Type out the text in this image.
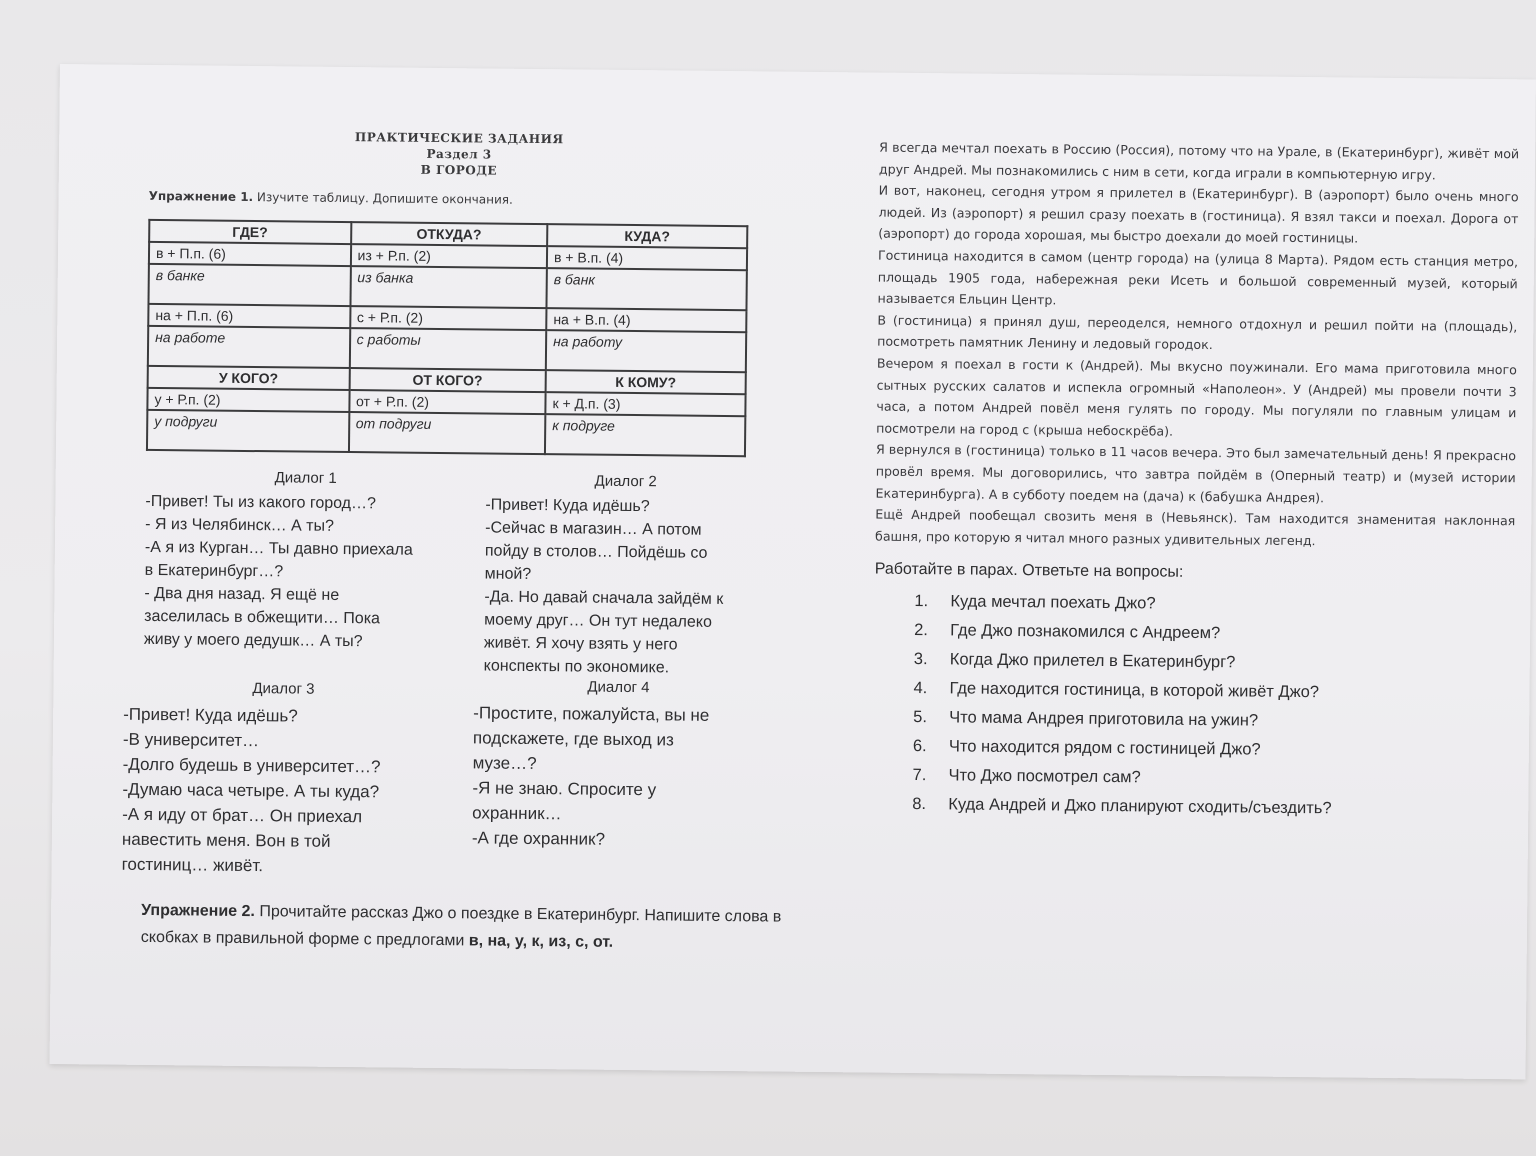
ПРАКТИЧЕСКИЕ ЗАДАНИЯ
Раздел 3
В ГОРОДЕ
Упражнение 1. Изучите таблицу. Допишите окончания.
ГДЕ?	ОТКУДА?	КУДА?
в + П.п. (6)	из + Р.п. (2)	в + В.п. (4)
в банке	из банка	в банк
на + П.п. (6)	с + Р.п. (2)	на + В.п. (4)
на работе	с работы	на работу
У КОГО?	ОТ КОГО?	К КОМУ?
у + Р.п. (2)	от + Р.п. (2)	к + Д.п. (3)
у подруги	от подруги	к подруге
Диалог 1
-Привет! Ты из какого город…?
- Я из Челябинск… А ты?
-А я из Курган… Ты давно приехала
в Екатеринбург…?
- Два дня назад. Я ещё не
заселилась в обжещити… Пока
живу у моего дедушк… А ты?
Диалог 2
-Привет! Куда идёшь?
-Сейчас в магазин… А потом
пойду в столов… Пойдёшь со
мной?
-Да. Но давай сначала зайдём к
моему друг… Он тут недалеко
живёт. Я хочу взять у него
конспекты по экономике.
Диалог 3
-Привет! Куда идёшь?
-В университет…
-Долго будешь в университет…?
-Думаю часа четыре. А ты куда?
-А я иду от брат… Он приехал
навестить меня. Вон в той
гостиниц… живёт.
Диалог 4
-Простите, пожалуйста, вы не
подскажете, где выход из
музе…?
-Я не знаю. Спросите у
охранник…
-А где охранник?
Упражнение 2. Прочитайте рассказ Джо о поездке в Екатеринбург. Напишите слова в скобках в правильной форме с предлогами в, на, у, к, из, с, от.

Я всегда мечтал поехать в Россию (Россия), потому что на Урале, в (Екатеринбург), живёт мой друг Андрей. Мы познакомились с ним в сети, когда играли в компьютерную игру.

И вот, наконец, сегодня утром я прилетел в (Екатеринбург). В (аэропорт) было очень много людей. Из (аэропорт) я решил сразу поехать в (гостиница). Я взял такси и поехал. Дорога от (аэропорт) до города хорошая, мы быстро доехали до моей гостиницы.

Гостиница находится в самом (центр города) на (улица 8 Марта). Рядом есть станция метро, площадь 1905 года, набережная реки Исеть и большой современный музей, который называется Ельцин Центр.

В (гостиница) я принял душ, переоделся, немного отдохнул и решил пойти на (площадь), посмотреть памятник Ленину и ледовый городок.

Вечером я поехал в гости к (Андрей). Мы вкусно поужинали. Его мама приготовила много сытных русских салатов и испекла огромный «Наполеон». У (Андрей) мы провели почти 3 часа, а потом Андрей повёл меня гулять по городу. Мы погуляли по главным улицам и посмотрели на город с (крыша небоскрёба).

Я вернулся в (гостиница) только в 11 часов вечера. Это был замечательный день! Я прекрасно провёл время. Мы договорились, что завтра пойдём в (Оперный театр) и (музей истории Екатеринбурга). А в субботу поедем на (дача) к (бабушка Андрея).

Ещё Андрей пообещал свозить меня в (Невьянск). Там находится знаменитая наклонная башня, про которую я читал много разных удивительных легенд.

Работайте в парах. Ответьте на вопросы:
1. Куда мечтал поехать Джо?
2. Где Джо познакомился с Андреем?
3. Когда Джо прилетел в Екатеринбург?
4. Где находится гостиница, в которой живёт Джо?
5. Что мама Андрея приготовила на ужин?
6. Что находится рядом с гостиницей Джо?
7. Что Джо посмотрел сам?
8. Куда Андрей и Джо планируют сходить/съездить?
